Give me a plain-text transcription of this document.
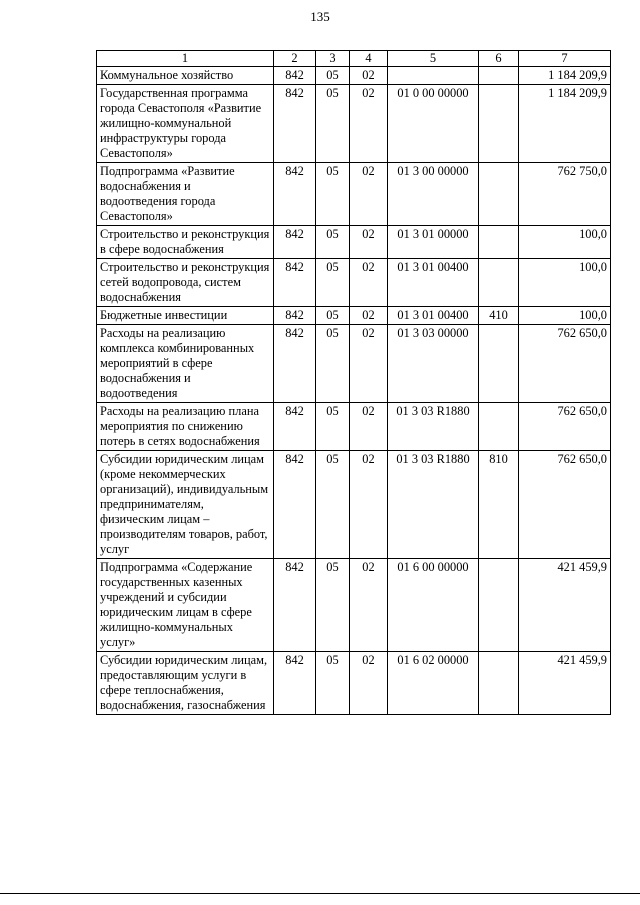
135
1	2	3	4	5	6	7
Коммунальное хозяйство	842	05	02			1 184 209,9
Государственная программа города Севастополя «Развитие жилищно-коммунальной инфраструктуры города Севастополя»	842	05	02	01 0 00 00000		1 184 209,9
Подпрограмма «Развитие водоснабжения и водоотведения города Севастополя»	842	05	02	01 3 00 00000		762 750,0
Строительство и реконструкция в сфере водоснабжения	842	05	02	01 3 01 00000		100,0
Строительство и реконструкция сетей водопровода, систем водоснабжения	842	05	02	01 3 01 00400		100,0
Бюджетные инвестиции	842	05	02	01 3 01 00400	410	100,0
Расходы на реализацию комплекса комбинированных мероприятий в сфере водоснабжения и водоотведения	842	05	02	01 3 03 00000		762 650,0
Расходы на реализацию плана мероприятия по снижению потерь в сетях водоснабжения	842	05	02	01 3 03 R1880		762 650,0
Субсидии юридическим лицам (кроме некоммерческих организаций), индивидуальным предпринимателям, физическим лицам – производителям товаров, работ, услуг	842	05	02	01 3 03 R1880	810	762 650,0
Подпрограмма «Содержание государственных казенных учреждений и субсидии юридическим лицам в сфере жилищно-коммунальных услуг»	842	05	02	01 6 00 00000		421 459,9
Субсидии юридическим лицам, предоставляющим услуги в сфере теплоснабжения, водоснабжения, газоснабжения	842	05	02	01 6 02 00000		421 459,9
